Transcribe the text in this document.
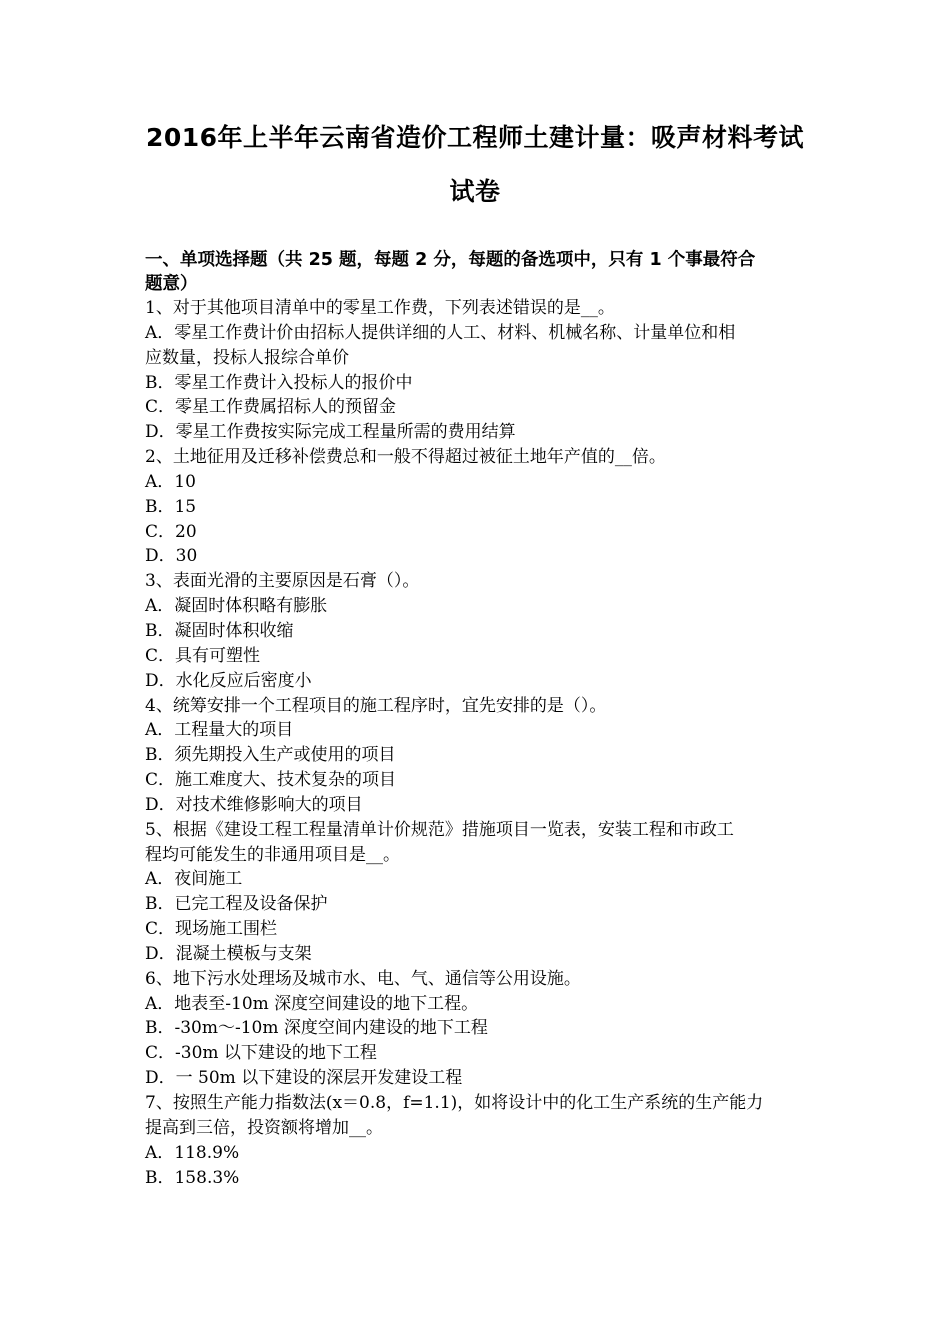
2016年上半年云南省造价工程师土建计量：吸声材料考试
试卷
一、单项选择题（共 25 题，每题 2 分，每题的备选项中，只有 1 个事最符合
题意）
1、对于其他项目清单中的零星工作费，下列表述错误的是__。
A．零星工作费计价由招标人提供详细的人工、材料、机械名称、计量单位和相
应数量，投标人报综合单价
B．零星工作费计入投标人的报价中
C．零星工作费属招标人的预留金
D．零星工作费按实际完成工程量所需的费用结算
2、土地征用及迁移补偿费总和一般不得超过被征土地年产值的__倍。
A．10
B．15
C．20
D．30
3、表面光滑的主要原因是石膏（）。
A．凝固时体积略有膨胀
B．凝固时体积收缩
C．具有可塑性
D．水化反应后密度小
4、统筹安排一个工程项目的施工程序时，宜先安排的是（）。
A．工程量大的项目
B．须先期投入生产或使用的项目
C．施工难度大、技术复杂的项目
D．对技术维修影响大的项目
5、根据《建设工程工程量清单计价规范》措施项目一览表，安装工程和市政工
程均可能发生的非通用项目是__。
A．夜间施工
B．已完工程及设备保护
C．现场施工围栏
D．混凝土模板与支架
6、地下污水处理场及城市水、电、气、通信等公用设施。
A．地表至-10m 深度空间建设的地下工程。
B．-30m～-10m 深度空间内建设的地下工程
C．-30m 以下建设的地下工程
D．一 50m 以下建设的深层开发建设工程
7、按照生产能力指数法(x＝0.8，f=1.1)，如将设计中的化工生产系统的生产能力
提高到三倍，投资额将增加__。
A．118.9%
B．158.3%
